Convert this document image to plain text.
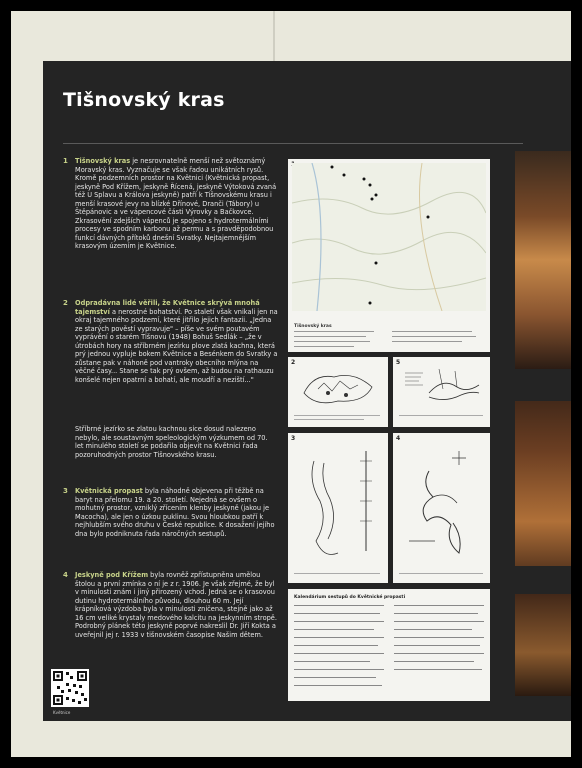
Tišnovský kras
1 Tišnovský kras je nesrovnatelně menší než světoznámý Moravský kras. Vyznačuje se však řadou unikátních rysů. Kromě podzemních prostor na Květnici (Květnická propast, jeskyně Pod Křížem, jeskyně Řícená, jeskyně Výtoková zvaná též U Splavu a Králova jeskyně) patří k Tišnovskému krasu i menší krasové jevy na blízké Dřínové, Dranči (Tábory) u Štěpánovic a ve vápencové části Výrovky a Bačkovce. Zkrasovění zdejších vápenců je spojeno s hydrotermálními procesy ve spodním karbonu až permu a s pravděpodobnou funkcí dávných přítoků dnešní Svratky. Nejtajemnějším krasovým územím je Květnice.
2 Odpradávna lidé věřili, že Květnice skrývá mnohá tajemství a nerostné bohatství. Po staletí však vnikali jen na okraj tajemného podzemí, které jitřilo jejich fantazii. „Jedna ze starých pověstí vypravuje" – píše ve svém poutavém vyprávění o starém Tišnovu (1948) Bohuš Sedlák – „že v útrobách hory na stříbrném jezírku plove zlatá kachna, která prý jednou vypluje bokem Květnice a Besénkem do Svratky a zůstane pak v náhoně pod vantroky obecního mlýna na věčné časy... Stane se tak prý ovšem, až budou na rathauzu konšelé nejen opatrní a bohatí, ale moudří a neziští..."
Stříbrné jezírko se zlatou kachnou sice dosud nalezeno nebylo, ale soustavným speleologickým výzkumem od 70. let minulého století se podařila objevit na Květnici řada pozoruhodných prostor Tišnovského krasu.
3 Květnická propast byla náhodně objevena při těžbě na baryt na přelomu 19. a 20. století. Nejedná se ovšem o mohutný prostor, vzniklý zřícením klenby jeskyně (jakou je Macocha), ale jen o úzkou puklinu. Svou hloubkou patří k nejhlubším svého druhu v České republice. K dosažení jejího dna bylo podniknuta řada náročných sestupů.
4 Jeskyně pod Křížem byla rovněž zpřístupněna umělou štolou a první zmínka o ní je z r. 1906. Je však zřejmé, že byl v minulosti znám i jiný přirozený vchod. Jedná se o krasovou dutinu hydrotermálního původu, dlouhou 60 m. Její krápníková výzdoba byla v minulosti zničena, stejně jako až 16 cm veliké krystaly medového kalcitu na jeskynním stropě. Podrobný plánek této jeskyně poprvé nakreslil Dr. Jiří Kokta a uveřejnil jej r. 1933 v tišnovském časopise Našim dětem.
Květnice
Tišnovský kras
2	5
3	4
Kalendárium sestupů do Květnické propasti
